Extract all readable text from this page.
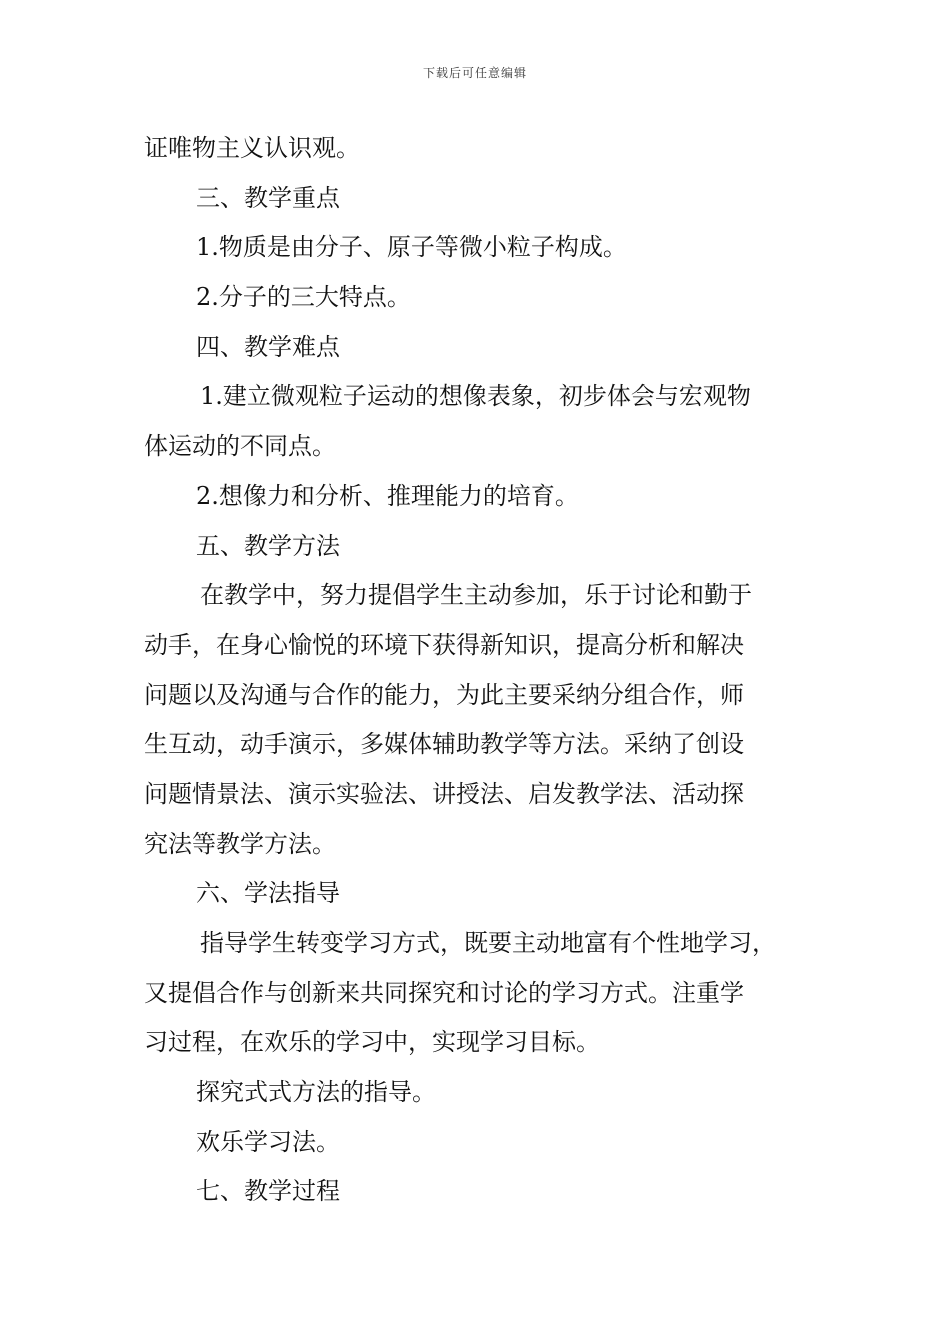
下载后可任意编辑
证唯物主义认识观。
三、教学重点
1.物质是由分子、原子等微小粒子构成。
2.分子的三大特点。
四、教学难点
1.建立微观粒子运动的想像表象，初步体会与宏观物
体运动的不同点。
2.想像力和分析、推理能力的培育。
五、教学方法
在教学中，努力提倡学生主动参加，乐于讨论和勤于
动手，在身心愉悦的环境下获得新知识，提高分析和解决
问题以及沟通与合作的能力，为此主要采纳分组合作，师
生互动，动手演示，多媒体辅助教学等方法。采纳了创设
问题情景法、演示实验法、讲授法、启发教学法、活动探
究法等教学方法。
六、学法指导
指导学生转变学习方式，既要主动地富有个性地学习，
又提倡合作与创新来共同探究和讨论的学习方式。注重学
习过程，在欢乐的学习中，实现学习目标。
探究式式方法的指导。
欢乐学习法。
七、教学过程
